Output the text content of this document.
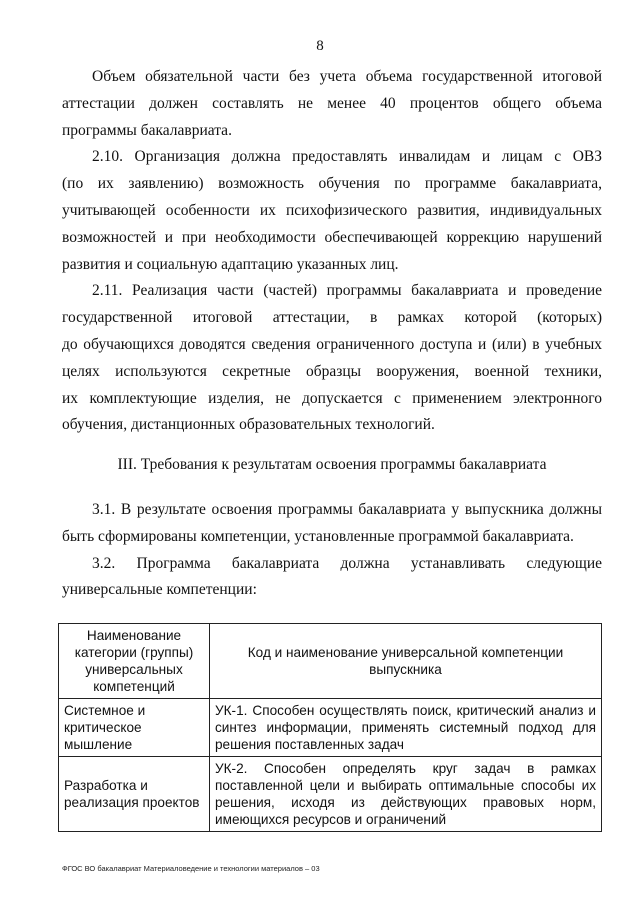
8

Объем обязательной части без учета объема государственной итоговой
аттестации должен составлять не менее 40 процентов общего объема
программы бакалавриата.

2.10. Организация должна предоставлять инвалидам и лицам с ОВЗ
(по их заявлению) возможность обучения по программе бакалавриата,
учитывающей особенности их психофизического развития, индивидуальных
возможностей и при необходимости обеспечивающей коррекцию нарушений
развития и социальную адаптацию указанных лиц.

2.11. Реализация части (частей) программы бакалавриата и проведение
государственной итоговой аттестации, в рамках которой (которых)
до обучающихся доводятся сведения ограниченного доступа и (или) в учебных
целях используются секретные образцы вооружения, военной техники,
их комплектующие изделия, не допускается с применением электронного
обучения, дистанционных образовательных технологий.

III. Требования к результатам освоения программы бакалавриата

3.1. В результате освоения программы бакалавриата у выпускника должны
быть сформированы компетенции, установленные программой бакалавриата.

3.2. Программа бакалавриата должна устанавливать следующие
универсальные компетенции:

Наименование категории (группы) универсальных компетенций	Код и наименование универсальной компетенции выпускника
Системное и критическое мышление	УК-1. Способен осуществлять поиск, критический анализ и синтез информации, применять системный подход для решения поставленных задач
Разработка и реализация проектов	УК-2. Способен определять круг задач в рамках поставленной цели и выбирать оптимальные способы их решения, исходя из действующих правовых норм, имеющихся ресурсов и ограничений
ФГОС ВО бакалавриат Материаловедение и технологии материалов – 03
